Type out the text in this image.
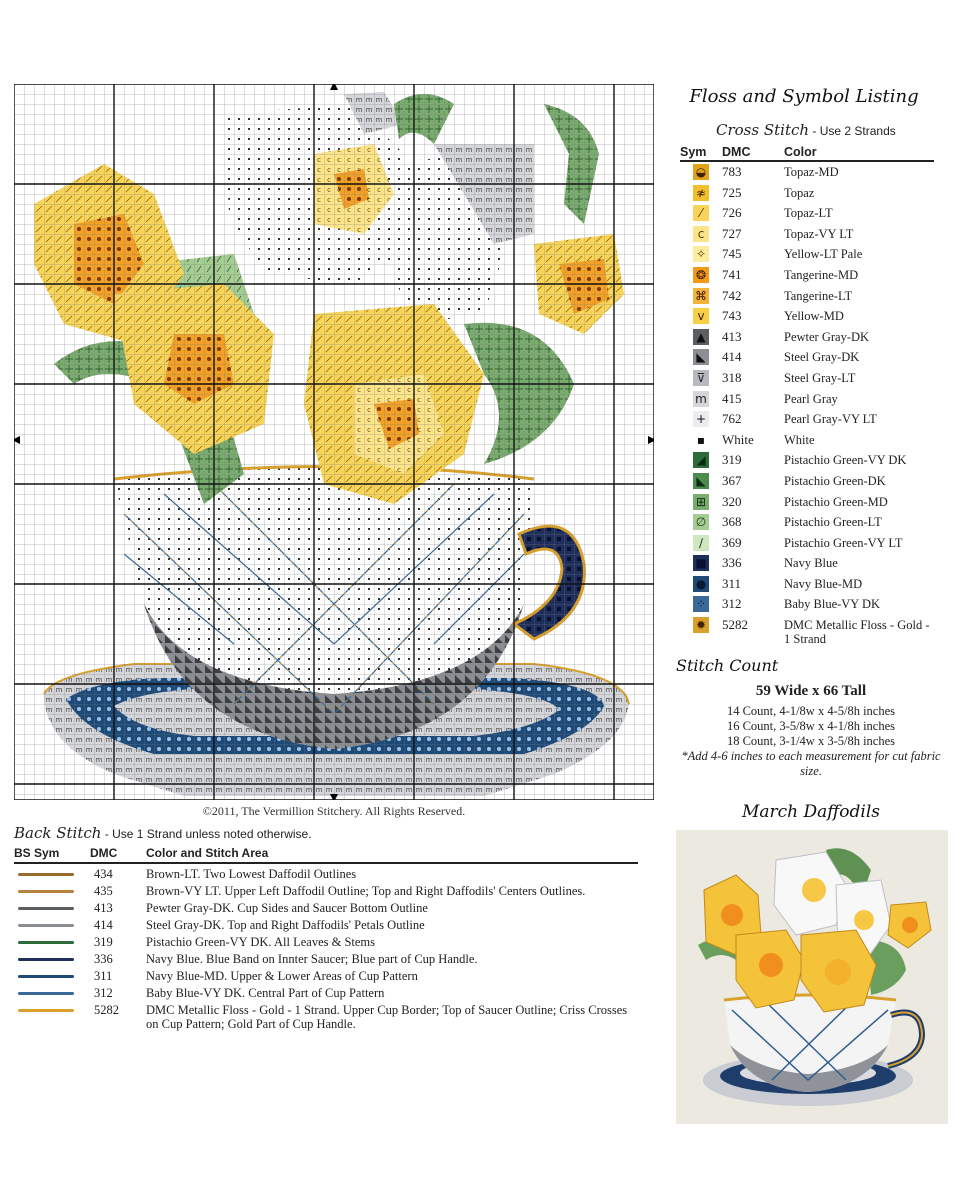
©2011, The Vermillion Stitchery. All Rights Reserved.
Back Stitch - Use 1 Strand unless noted otherwise.
BS Sym	DMC	Color and Stitch Area
434	Brown-LT. Two Lowest Daffodil Outlines
435	Brown-VY LT. Upper Left Daffodil Outline; Top and Right Daffodils' Centers Outlines.
413	Pewter Gray-DK. Cup Sides and Saucer Bottom Outline
414	Steel Gray-DK. Top and Right Daffodils' Petals Outline
319	Pistachio Green-VY DK. All Leaves & Stems
336	Navy Blue. Blue Band on Innter Saucer; Blue part of Cup Handle.
311	Navy Blue-MD. Upper & Lower Areas of Cup Pattern
312	Baby Blue-VY DK. Central Part of Cup Pattern
5282	DMC Metallic Floss - Gold - 1 Strand. Upper Cup Border; Top of Saucer Outline; Criss Crosses on Cup Pattern; Gold Part of Cup Handle.
Floss and Symbol Listing
Cross Stitch - Use 2 Strands
Sym	DMC	Color
◒ 783	Topaz-MD
≉ 725	Topaz
⁄	726	Topaz-LT
c	727	Topaz-VY LT
✧ 745	Yellow-LT Pale
❂ 741	Tangerine-MD
⌘ 742	Tangerine-LT
v	743	Yellow-MD
▲ 413	Pewter Gray-DK
◣ 414	Steel Gray-DK
⊽ 318	Steel Gray-LT
m 415	Pearl Gray
+ 762	Pearl Gray-VY LT
▪	White	White
◢ 319	Pistachio Green-VY DK
◣ 367	Pistachio Green-DK
⊞ 320	Pistachio Green-MD
∅ 368	Pistachio Green-LT
∕	369	Pistachio Green-VY LT
■ 336	Navy Blue
● 311	Navy Blue-MD
⁘ 312	Baby Blue-VY DK
✹ 5282	DMC Metallic Floss - Gold - 1 Strand
Stitch Count
59 Wide x 66 Tall
14 Count, 4-1/8w x 4-5/8h inches
16 Count, 3-5/8w x 4-1/8h inches
18 Count, 3-1/4w x 3-5/8h inches
*Add 4-6 inches to each measurement for cut fabric size.
March Daffodils
